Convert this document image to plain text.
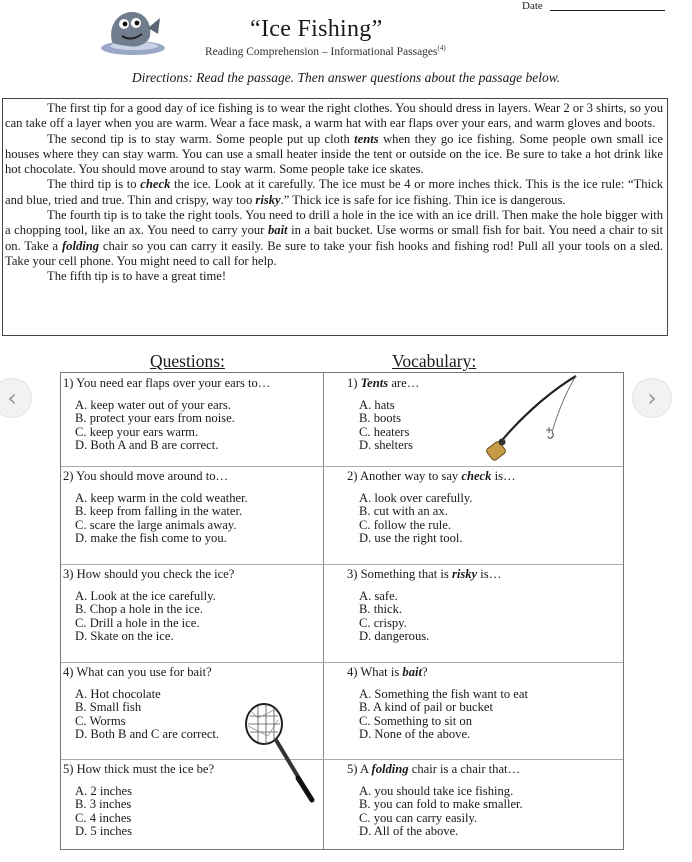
Date
“Ice Fishing”
Reading Comprehension – Informational Passages$^{(4)}$
Directions: Read the passage. Then answer questions about the passage below.

The first tip for a good day of ice fishing is to wear the right clothes. You should dress in layers. Wear 2 or 3 shirts, so you can take off a layer when you are warm. Wear a face mask, a warm hat with ear flaps over your ears, and warm gloves and boots.

The second tip is to stay warm. Some people put up cloth tents when they go ice fishing. Some people own small ice houses where they can stay warm. You can use a small heater inside the tent or outside on the ice. Be sure to take a hot drink like hot chocolate. You should move around to stay warm. Some people take ice skates.

The third tip is to check the ice. Look at it carefully. The ice must be 4 or more inches thick. This is the ice rule: “Thick and blue, tried and true. Thin and crispy, way too risky.” Thick ice is safe for ice fishing. Thin ice is dangerous.

The fourth tip is to take the right tools. You need to drill a hole in the ice with an ice drill. Then make the hole bigger with a chopping tool, like an ax. You need to carry your bait in a bait bucket. Use worms or small fish for bait. You need a chair to sit on. Take a folding chair so you can carry it easily. Be sure to take your fish hooks and fishing rod! Pull all your tools on a sled. Take your cell phone. You might need to call for help.

The fifth tip is to have a great time!

Questions:	Vocabulary:
1) You need ear flaps over your ears to…
A. keep water out of your ears.
B. protect your ears from noise.
C. keep your ears warm.
D. Both A and B are correct.
2) You should move around to…
A. keep warm in the cold weather.
B. keep from falling in the water.
C. scare the large animals away.
D. make the fish come to you.
3) How should you check the ice?
A. Look at the ice carefully.
B. Chop a hole in the ice.
C. Drill a hole in the ice.
D. Skate on the ice.
4) What can you use for bait?
A. Hot chocolate
B. Small fish
C. Worms
D. Both B and C are correct.
5) How thick must the ice be?
A. 2 inches
B. 3 inches
C. 4 inches
D. 5 inches
1) Tents are…
A. hats
B. boots
C. heaters
D. shelters
2) Another way to say check is…
A. look over carefully.
B. cut with an ax.
C. follow the rule.
D. use the right tool.
3) Something that is risky is…
A. safe.
B. thick.
C. crispy.
D. dangerous.
4) What is bait?
A. Something the fish want to eat
B. A kind of pail or bucket
C. Something to sit on
D. None of the above.
5) A folding chair is a chair that…
A. you should take ice fishing.
B. you can fold to make smaller.
C. you can carry easily.
D. All of the above.
‹	›
